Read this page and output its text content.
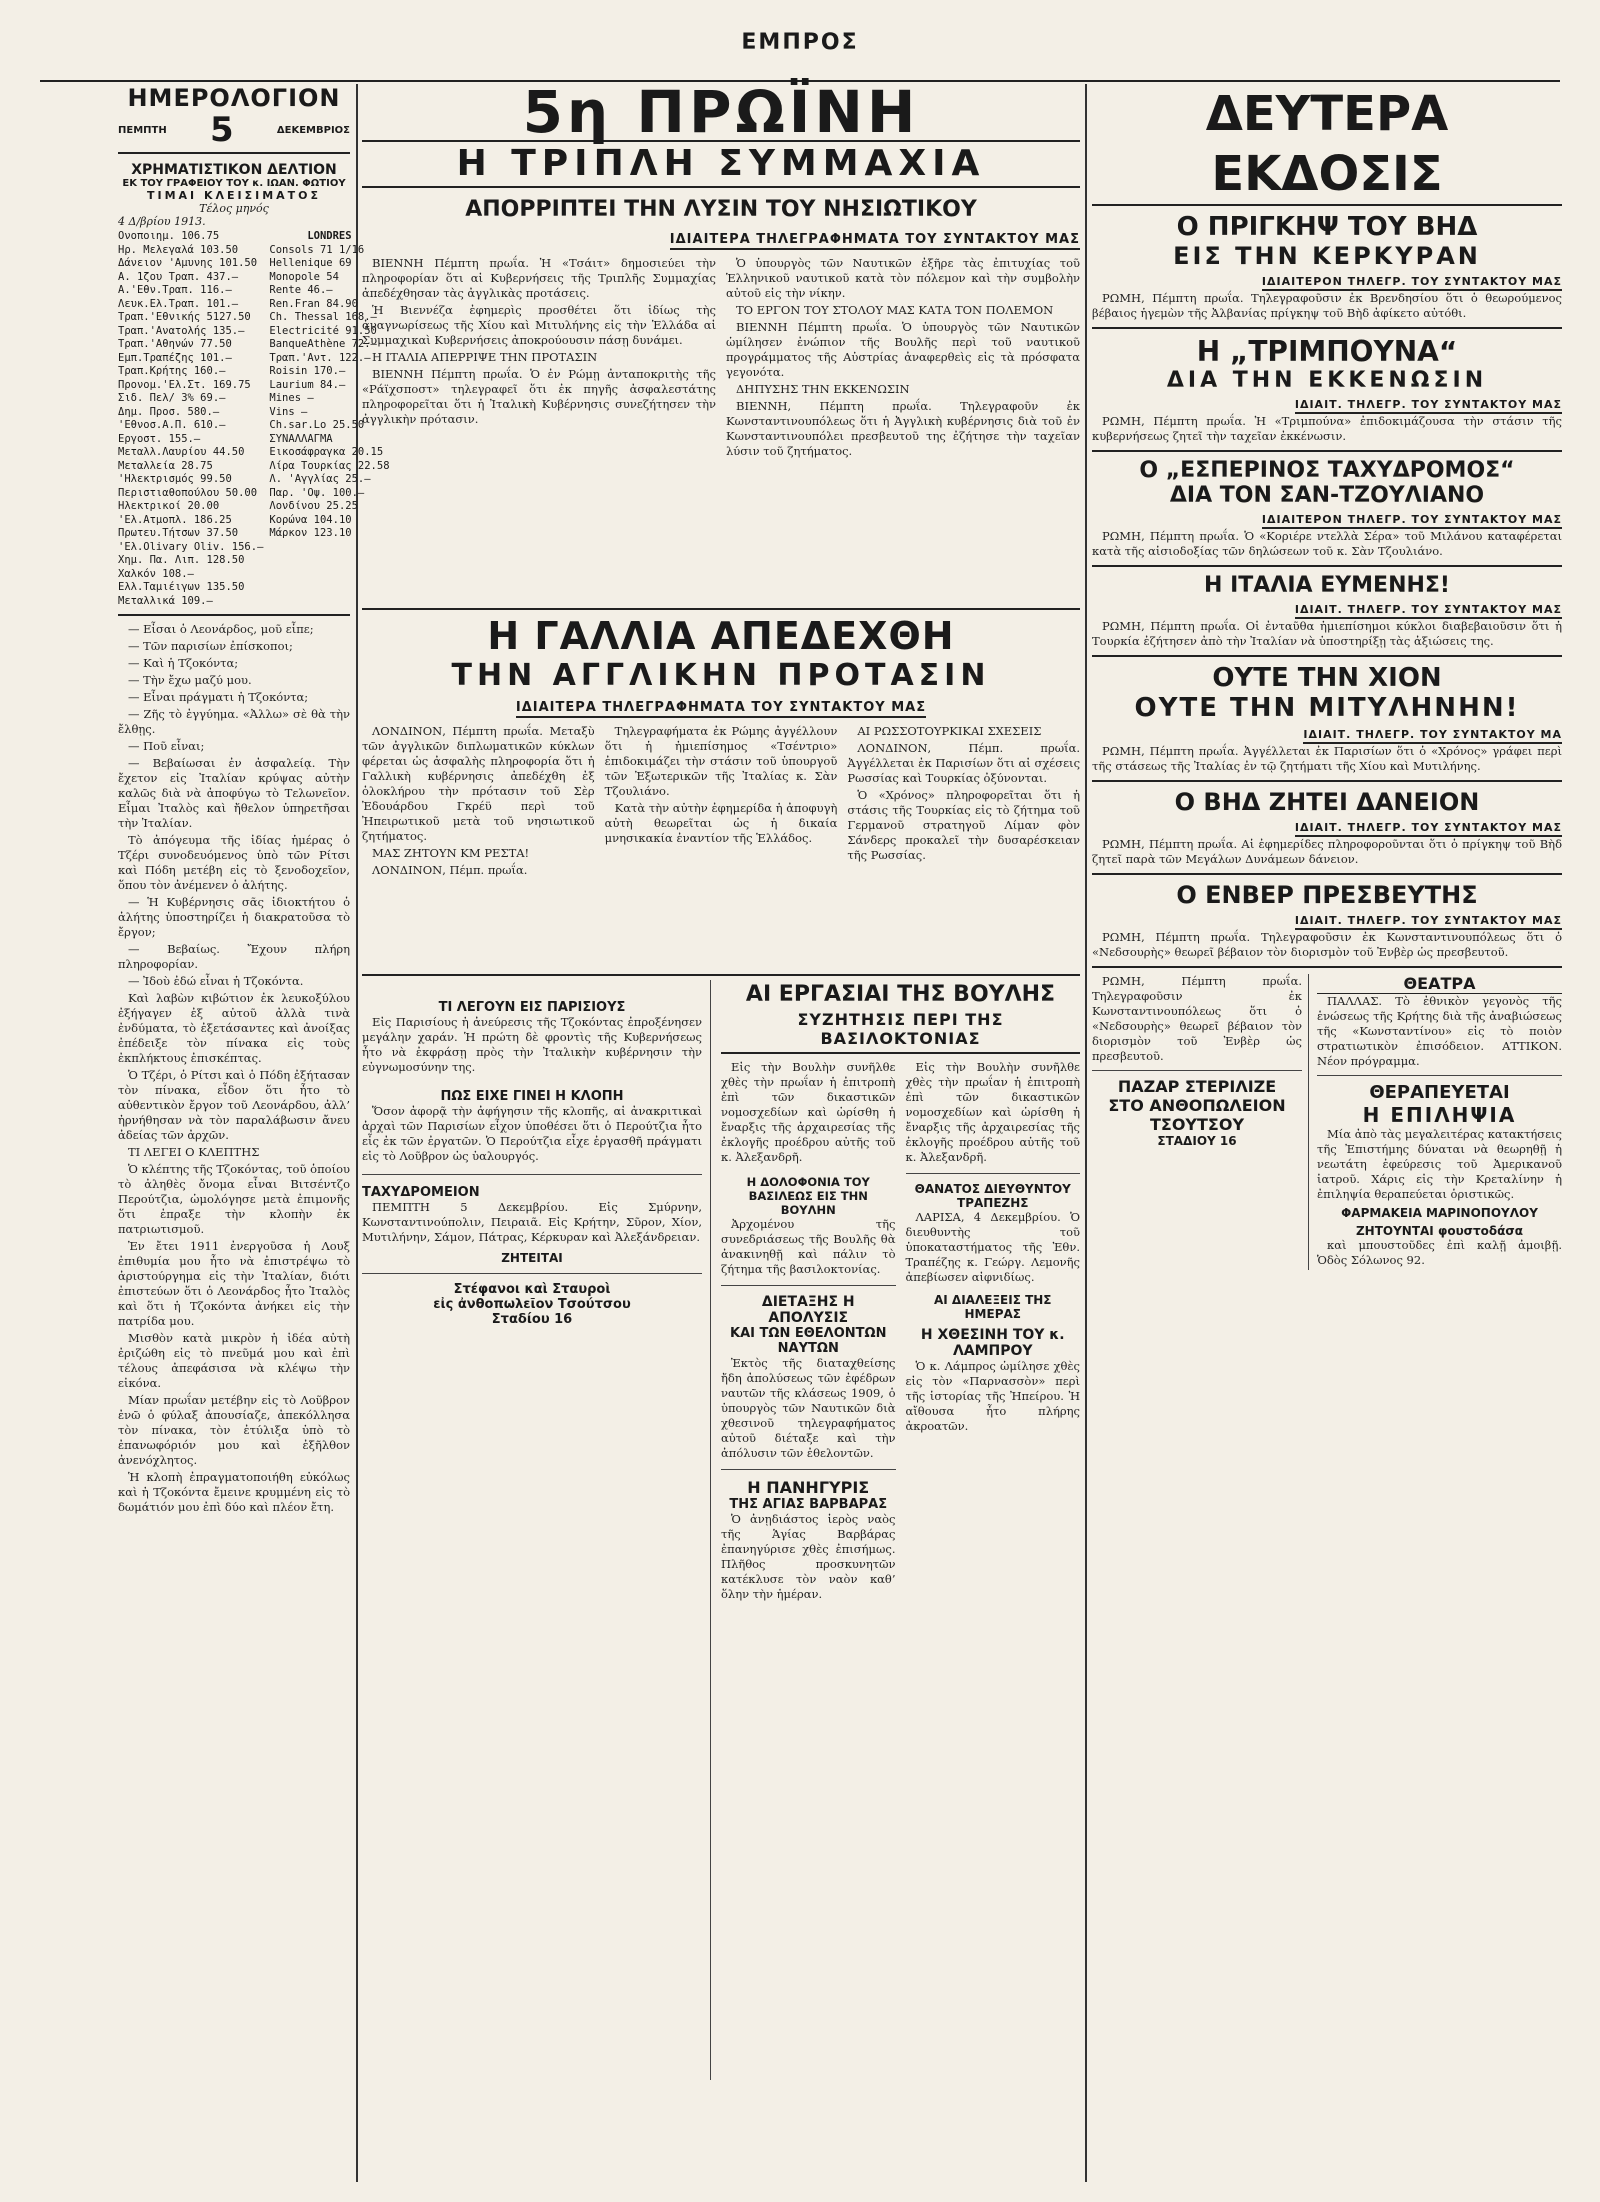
ΕΜΠΡΟΣ
ΗΜΕΡΟΛΟΓΙΟΝ
ΠΕΜΠΤΗ 5	ΔΕΚΕΜΒΡΙΟΣ
ΧΡΗΜΑΤΙΣΤΙΚΟΝ ΔΕΛΤΙΟΝ
ΕΚ ΤΟΥ ΓΡΑΦΕΙΟΥ ΤΟΥ κ. ΙΩΑΝ. ΦΩΤΙΟΥ
ΤΙΜΑΙ ΚΛΕΙΣΙΜΑΤΟΣ
Τέλος μηνός
4 Δ/βρίου 1913.
Ονοποιημ. 106.75
Ηρ. Μελεγαλά 103.50
Δάνειον 'Αμυνης 101.50
Α. 1ζου Τραπ. 437.—
Α.'Εθν.Τραπ. 116.—
Λευκ.Ελ.Τραπ. 101.—
Τραπ.'Εθνικής 5127.50
Τραπ.'Ανατολής 135.—
Τραπ.'Αθηνών 77.50
Εμπ.Τραπέζης 101.—
Τραπ.Κρήτης 160.—
Προνομ.'Ελ.Στ. 169.75
Σιδ. Πελ/ 3% 69.—
Δημ. Προσ. 580.—
'Εθνοσ.Α.Π. 610.—
Εργοστ. 155.—
Μεταλλ.Λαυρίου 44.50
Μεταλλεία 28.75
'Ηλεκτρισμός 99.50
Περιστιαθοπούλου 50.00
Ηλεκτρικοί 20.00
'Ελ.Ατμοπλ. 186.25
Πρωτευ.Τήτσων 37.50
'Ελ.Olivary Oliv. 156.—
Χημ. Πα. Λιπ. 128.50
Χαλκόν 108.—
Ελλ.Ταμιέιγων 135.50
Μεταλλικά 109.—
LONDRES
Consols 71 1/16
Hellenique 69
Monopole 54
Rente 46.—
Ren.Fran 84.90
Ch. Thessal 168.—
Electricité 91.50
BanqueAthène 72.—
Τραπ.'Αντ. 122.—
Roisin 170.—
Laurium 84.—
Mines —
Vins —
Ch.sar.Lo 25.50
ΣΥΝΑΛΛΑΓΜΑ
Εικοσάφραγκα 20.15
Λίρα Τουρκίας 22.58
Λ. 'Αγγλίας 25.—
Παρ. 'Οψ. 100.—
Λονδίνου 25.25
Κορώνα 104.10
Μάρκον 123.10

— Εἶσαι ὁ Λεονάρδος, μοῦ εἶπε;

— Τῶν παρισίων ἐπίσκοποι;

— Καὶ ἡ Τζοκόντα;

— Τὴν ἔχω μαζύ μου.

— Εἶναι πράγματι ἡ Τζοκόντα;

— Ζῆς τὸ ἐγγύημα. «Ἀλλω» σὲ θὰ τὴν ἔλθῃς.

— Ποῦ εἶναι;

— Βεβαίωσαι ἐν ἀσφαλείᾳ. Τὴν ἔχετον εἰς Ἰταλίαν κρύψας αὐτὴν καλῶς διὰ νὰ ἀποφύγω τὸ Τελωνεῖον. Εἶμαι Ἰταλὸς καὶ ἤθελον ὑπηρετῆσαι τὴν Ἰταλίαν.

Τὸ ἀπόγευμα τῆς ἰδίας ἡμέρας ὁ Τζέρι συνοδευόμενος ὑπὸ τῶν Ρίτσι καὶ Πόδη μετέβη εἰς τὸ ξενοδοχεῖον, ὅπου τὸν ἀνέμενεν ὁ ἀλήτης.

— Ἡ Κυβέρνησις σᾶς ἰδιοκτήτου ὁ ἀλήτης ὑποστηρίζει ἡ διακρατοῦσα τὸ ἔργον;

— Βεβαίως. Ἔχουν πλήρη πληροφορίαν.

— Ἰδοὺ ἐδώ εἶναι ἡ Τζοκόντα.

Καὶ λαβὼν κιβώτιον ἐκ λευκοξύλου ἐξήγαγεν ἐξ αὐτοῦ ἀλλὰ τινὰ ἐνδύματα, τὸ ἐξετάσαντες καὶ ἀνοίξας ἐπέδειξε τὸν πίνακα εἰς τοὺς ἐκπλήκτους ἐπισκέπτας.

Ὁ Τζέρι, ὁ Ρίτσι καὶ ὁ Πόδη ἐξήτασαν τὸν πίνακα, εἶδον ὅτι ἦτο τὸ αὐθεντικὸν ἔργον τοῦ Λεονάρδου, ἀλλ’ ἠρνήθησαν νὰ τὸν παραλάβωσιν ἄνευ ἀδείας τῶν ἀρχῶν.

ΤΙ ΛΕΓΕΙ Ο ΚΛΕΠΤΗΣ

Ὁ κλέπτης τῆς Τζοκόντας, τοῦ ὁποίου τὸ ἀληθὲς ὄνομα εἶναι Βιτσέντζο Περούτζια, ὡμολόγησε μετὰ ἐπιμονῆς ὅτι ἐπραξε τὴν κλοπὴν ἐκ πατριωτισμοῦ.

Ἐν ἔτει 1911 ἐνεργοῦσα ἡ Λουξ ἐπιθυμία μου ἦτο νὰ ἐπιστρέψω τὸ ἀριστούργημα εἰς τὴν Ἰταλίαν, διότι ἐπιστεύων ὅτι ὁ Λεονάρδος ἦτο Ἰταλὸς καὶ ὅτι ἡ Τζοκόντα ἀνήκει εἰς τὴν πατρίδα μου.

Μισθὸν κατὰ μικρὸν ἡ ἰδέα αὐτὴ ἐριζώθη εἰς τὸ πνεῦμά μου καὶ ἐπὶ τέλους ἀπεφάσισα νὰ κλέψω τὴν εἰκόνα.

Μίαν πρωΐαν μετέβην εἰς τὸ Λοῦβρον ἐνῶ ὁ φύλαξ ἀπουσίαζε, ἀπεκόλλησα τὸν πίνακα, τὸν ἐτύλιξα ὑπὸ τὸ ἐπανωφόριόν μου καὶ ἐξῆλθον ἀνενόχλητος.

Ἡ κλοπὴ ἐπραγματοποιήθη εὐκόλως καὶ ἡ Τζοκόντα ἔμεινε κρυμμένη εἰς τὸ δωμάτιόν μου ἐπὶ δύο καὶ πλέον ἔτη.

5η ΠΡΩΪΝΗ
Η ΤΡΙΠΛΗ ΣΥΜΜΑΧΙΑ
ΑΠΟΡΡΙΠΤΕΙ ΤΗΝ ΛΥΣΙΝ ΤΟΥ ΝΗΣΙΩΤΙΚΟΥ
ΙΔΙΑΙΤΕΡΑ ΤΗΛΕΓΡΑΦΗΜΑΤΑ ΤΟΥ ΣΥΝΤΑΚΤΟΥ ΜΑΣ

ΒΙΕΝΝΗ Πέμπτη πρωΐα. Ἡ «Τσάιτ» δημοσιεύει τὴν πληροφορίαν ὅτι αἱ Κυβερνήσεις τῆς Τριπλῆς Συμμαχίας ἀπεδέχθησαν τὰς ἀγγλικὰς προτάσεις.

Ἡ Βιεννέζα ἐφημερὶς προσθέτει ὅτι ἰδίως τὴς ἀναγνωρίσεως τῆς Χίου καὶ Μιτυλήνης εἰς τὴν Ἑλλάδα αἱ Συμμαχικαὶ Κυβερνήσεις ἀποκρούουσιν πάσῃ δυνάμει.

Η ΙΤΑΛΙΑ ΑΠΕΡΡΙΨΕ ΤΗΝ ΠΡΟΤΑΣΙΝ

ΒΙΕΝΝΗ Πέμπτη πρωΐα. Ὁ ἐν Ρώμῃ ἀνταποκριτὴς τῆς «Ράϊχσποστ» τηλεγραφεῖ ὅτι ἐκ πηγῆς ἀσφαλεστάτης πληροφορεῖται ὅτι ἡ Ἰταλικὴ Κυβέρνησις συνεζήτησεν τὴν ἀγγλικὴν πρότασιν.

Ὁ ὑπουργὸς τῶν Ναυτικῶν ἐξῆρε τὰς ἐπιτυχίας τοῦ Ἑλληνικοῦ ναυτικοῦ κατὰ τὸν πόλεμον καὶ τὴν συμβολὴν αὐτοῦ εἰς τὴν νίκην.

ΤΟ ΕΡΓΟΝ ΤΟΥ ΣΤΟΛΟΥ ΜΑΣ ΚΑΤΑ ΤΟΝ ΠΟΛΕΜΟΝ

ΒΙΕΝΝΗ Πέμπτη πρωΐα. Ὁ ὑπουργὸς τῶν Ναυτικῶν ὡμίλησεν ἐνώπιον τῆς Βουλῆς περὶ τοῦ ναυτικοῦ προγράμματος τῆς Αὐστρίας ἀναφερθεὶς εἰς τὰ πρόσφατα γεγονότα.

ΔΗΠΥΣΗΣ ΤΗΝ ΕΚΚΕΝΩΣΙΝ

ΒΙΕΝΝΗ, Πέμπτη πρωΐα. Τηλεγραφοῦν ἐκ Κωνσταντινουπόλεως ὅτι ἡ Ἀγγλικὴ κυβέρνησις διὰ τοῦ ἐν Κωνσταντινουπόλει πρεσβευτοῦ της ἐζήτησε τὴν ταχεῖαν λύσιν τοῦ ζητήματος.

Η ΓΑΛΛΙΑ ΑΠΕΔΕΧΘΗ
ΤΗΝ ΑΓΓΛΙΚΗΝ ΠΡΟΤΑΣΙΝ
ΙΔΙΑΙΤΕΡΑ ΤΗΛΕΓΡΑΦΗΜΑΤΑ ΤΟΥ ΣΥΝΤΑΚΤΟΥ ΜΑΣ

ΛΟΝΔΙΝΟΝ, Πέμπτη πρωΐα. Μεταξὺ τῶν ἀγγλικῶν διπλωματικῶν κύκλων φέρεται ὡς ἀσφαλὴς πληροφορία ὅτι ἡ Γαλλικὴ κυβέρνησις ἀπεδέχθη ἐξ ὁλοκλήρου τὴν πρότασιν τοῦ Σὲρ Ἐδουάρδου Γκρέϋ περὶ τοῦ Ἠπειρωτικοῦ μετὰ τοῦ νησιωτικοῦ ζητήματος.

ΜΑΣ ΖΗΤΟΥΝ ΚΜ ΡΕΣΤΑ!

ΛΟΝΔΙΝΟΝ, Πέμπ. πρωΐα.

Τηλεγραφήματα ἐκ Ρώμης ἀγγέλλουν ὅτι ἡ ἡμιεπίσημος «Τσέντριο» ἐπιδοκιμάζει τὴν στάσιν τοῦ ὑπουργοῦ τῶν Ἐξωτερικῶν τῆς Ἰταλίας κ. Σὰν Τζουλιάνο.

Κατὰ τὴν αὐτὴν ἐφημερίδα ἡ ἀποφυγὴ αὐτὴ θεωρεῖται ὡς ἡ δικαία μνησικακία ἐναντίον τῆς Ἑλλάδος.

ΑΙ ΡΩΣΣΟΤΟΥΡΚΙΚΑΙ ΣΧΕΣΕΙΣ

ΛΟΝΔΙΝΟΝ, Πέμπ. πρωΐα. Ἀγγέλλεται ἐκ Παρισίων ὅτι αἱ σχέσεις Ρωσσίας καὶ Τουρκίας ὀξύνονται.

Ὁ «Χρόνος» πληροφορεῖται ὅτι ἡ στάσις τῆς Τουρκίας εἰς τὸ ζήτημα τοῦ Γερμανοῦ στρατηγοῦ Λίμαν φὸν Σάνδερς προκαλεῖ τὴν δυσαρέσκειαν τῆς Ρωσσίας.

ΤΙ ΛΕΓΟΥΝ ΕΙΣ ΠΑΡΙΣΙΟΥΣ

Εἰς Παρισίους ἡ ἀνεύρεσις τῆς Τζοκόντας ἐπροξένησεν μεγάλην χαράν. Ἡ πρώτη δὲ φροντὶς τῆς Κυβερνήσεως ἦτο νὰ ἐκφράσῃ πρὸς τὴν Ἰταλικὴν κυβέρνησιν τὴν εὐγνωμοσύνην της.

ΠΩΣ ΕΙΧΕ ΓΙΝΕΙ Η ΚΛΟΠΗ

Ὅσον ἀφορᾷ τὴν ἀφήγησιν τῆς κλοπῆς, αἱ ἀνακριτικαὶ ἀρχαὶ τῶν Παρισίων εἶχον ὑποθέσει ὅτι ὁ Περούτζια ἦτο εἷς ἐκ τῶν ἐργατῶν. Ὁ Περούτζια εἶχε ἐργασθῆ πράγματι εἰς τὸ Λοῦβρον ὡς ὑαλουργός.

ΤΑΧΥΔΡΟΜΕΙΟΝ

ΠΕΜΠΤΗ 5 Δεκεμβρίου. Εἰς Σμύρνην, Κωνσταντινούπολιν, Πειραιᾶ. Εἰς Κρήτην, Σῦρον, Χίον, Μυτιλήνην, Σάμον, Πάτρας, Κέρκυραν καὶ Ἀλεξάνδρειαν.

ΖΗΤΕΙΤΑΙ
Στέφανοι καὶ Σταυροὶ
εἰς ἀνθοπωλεῖον Τσούτσου
Σταδίου 16
ΑΙ ΕΡΓΑΣΙΑΙ ΤΗΣ ΒΟΥΛΗΣ
ΣΥΖΗΤΗΣΙΣ ΠΕΡΙ ΤΗΣ ΒΑΣΙΛΟΚΤΟΝΙΑΣ

Εἰς τὴν Βουλὴν συνῆλθε χθὲς τὴν πρωΐαν ἡ ἐπιτροπὴ ἐπὶ τῶν δικαστικῶν νομοσχεδίων καὶ ὡρίσθη ἡ ἔναρξις τῆς ἀρχαιρεσίας τῆς ἐκλογῆς προέδρου αὐτῆς τοῦ κ. Ἀλεξανδρῆ.

Η ΔΟΛΟΦΟΝΙΑ ΤΟΥ ΒΑΣΙΛΕΩΣ ΕΙΣ ΤΗΝ ΒΟΥΛΗΝ

Ἀρχομένου τῆς συνεδριάσεως τῆς Βουλῆς θὰ ἀνακινηθῇ καὶ πάλιν τὸ ζήτημα τῆς βασιλοκτονίας.

ΔΙΕΤΑΞΗΣ Η ΑΠΟΛΥΣΙΣ
ΚΑΙ ΤΩΝ ΕΘΕΛΟΝΤΩΝ ΝΑΥΤΩΝ

Ἐκτὸς τῆς διαταχθείσης ἤδη ἀπολύσεως τῶν ἐφέδρων ναυτῶν τῆς κλάσεως 1909, ὁ ὑπουργὸς τῶν Ναυτικῶν διὰ χθεσινοῦ τηλεγραφήματος αὐτοῦ διέταξε καὶ τὴν ἀπόλυσιν τῶν ἐθελοντῶν.

Η ΠΑΝΗΓΥΡΙΣ
ΤΗΣ ΑΓΙΑΣ ΒΑΡΒΑΡΑΣ

Ὁ ἀνῃδιάστος ἱερὸς ναὸς τῆς Ἁγίας Βαρβάρας ἐπανηγύρισε χθὲς ἐπισήμως. Πλῆθος προσκυνητῶν κατέκλυσε τὸν ναὸν καθ’ ὅλην τὴν ἡμέραν.

Εἰς τὴν Βουλὴν συνῆλθε χθὲς τὴν πρωΐαν ἡ ἐπιτροπὴ ἐπὶ τῶν δικαστικῶν νομοσχεδίων καὶ ὡρίσθη ἡ ἔναρξις τῆς ἀρχαιρεσίας τῆς ἐκλογῆς προέδρου αὐτῆς τοῦ κ. Ἀλεξανδρῆ.

ΘΑΝΑΤΟΣ ΔΙΕΥΘΥΝΤΟΥ ΤΡΑΠΕΖΗΣ

ΛΑΡΙΣΑ, 4 Δεκεμβρίου. Ὁ διευθυντὴς τοῦ ὑποκαταστήματος τῆς Ἐθν. Τραπέζης κ. Γεώργ. Λεμονῆς ἀπεβίωσεν αἰφνιδίως.

ΑΙ ΔΙΑΛΕΞΕΙΣ ΤΗΣ ΗΜΕΡΑΣ
Η ΧΘΕΣΙΝΗ ΤΟΥ κ. ΛΑΜΠΡΟΥ

Ὁ κ. Λάμπρος ὡμίλησε χθὲς εἰς τὸν «Παρνασσὸν» περὶ τῆς ἱστορίας τῆς Ἠπείρου. Ἡ αἴθουσα ἦτο πλήρης ἀκροατῶν.

ΔΕΥΤΕΡΑ ΕΚΔΟΣΙΣ
Ο ΠΡΙΓΚΗΨ ΤΟΥ ΒΗΔ
ΕΙΣ ΤΗΝ ΚΕΡΚΥΡΑΝ
ΙΔΙΑΙΤΕΡΟΝ ΤΗΛΕΓΡ. ΤΟΥ ΣΥΝΤΑΚΤΟΥ ΜΑΣ

ΡΩΜΗ, Πέμπτη πρωΐα. Τηλεγραφοῦσιν ἐκ Βρενδησίου ὅτι ὁ θεωρούμενος βέβαιος ἡγεμὼν τῆς Ἀλβανίας πρίγκηψ τοῦ Βὴδ ἀφίκετο αὐτόθι.

Η „ΤΡΙΜΠΟΥΝΑ“
ΔΙΑ ΤΗΝ ΕΚΚΕΝΩΣΙΝ
ΙΔΙΑΙΤ. ΤΗΛΕΓΡ. ΤΟΥ ΣΥΝΤΑΚΤΟΥ ΜΑΣ

ΡΩΜΗ, Πέμπτη πρωΐα. Ἡ «Τριμπούνα» ἐπιδοκιμάζουσα τὴν στάσιν τῆς κυβερνήσεως ζητεῖ τὴν ταχεῖαν ἐκκένωσιν.

Ο „ΕΣΠΕΡΙΝΟΣ ΤΑΧΥΔΡΟΜΟΣ“
ΔΙΑ ΤΟΝ ΣΑΝ-ΤΖΟΥΛΙΑΝΟ
ΙΔΙΑΙΤΕΡΟΝ ΤΗΛΕΓΡ. ΤΟΥ ΣΥΝΤΑΚΤΟΥ ΜΑΣ

ΡΩΜΗ, Πέμπτη πρωΐα. Ὁ «Κοριέρε ντελλὰ Σέρα» τοῦ Μιλάνου καταφέρεται κατὰ τῆς αἰσιοδοξίας τῶν δηλώσεων τοῦ κ. Σὰν Τζουλιάνο.

Η ΙΤΑΛΙΑ ΕΥΜΕΝΗΣ!
ΙΔΙΑΙΤ. ΤΗΛΕΓΡ. ΤΟΥ ΣΥΝΤΑΚΤΟΥ ΜΑΣ

ΡΩΜΗ, Πέμπτη πρωΐα. Οἱ ἐνταῦθα ἡμιεπίσημοι κύκλοι διαβεβαιοῦσιν ὅτι ἡ Τουρκία ἐζήτησεν ἀπὸ τὴν Ἰταλίαν νὰ ὑποστηρίξῃ τὰς ἀξιώσεις της.

ΟΥΤΕ ΤΗΝ ΧΙΟΝ
ΟΥΤΕ ΤΗΝ ΜΙΤΥΛΗΝΗΝ!
ΙΔΙΑΙΤ. ΤΗΛΕΓΡ. ΤΟΥ ΣΥΝΤΑΚΤΟΥ ΜΑ

ΡΩΜΗ, Πέμπτη πρωΐα. Ἀγγέλλεται ἐκ Παρισίων ὅτι ὁ «Χρόνος» γράφει περὶ τῆς στάσεως τῆς Ἰταλίας ἐν τῷ ζητήματι τῆς Χίου καὶ Μυτιλήνης.

Ο ΒΗΔ ΖΗΤΕΙ ΔΑΝΕΙΟΝ
ΙΔΙΑΙΤ. ΤΗΛΕΓΡ. ΤΟΥ ΣΥΝΤΑΚΤΟΥ ΜΑΣ

ΡΩΜΗ, Πέμπτη πρωΐα. Αἱ ἐφημερίδες πληροφοροῦνται ὅτι ὁ πρίγκηψ τοῦ Βὴδ ζητεῖ παρὰ τῶν Μεγάλων Δυνάμεων δάνειον.

Ο ΕΝΒΕΡ ΠΡΕΣΒΕΥΤΗΣ
ΙΔΙΑΙΤ. ΤΗΛΕΓΡ. ΤΟΥ ΣΥΝΤΑΚΤΟΥ ΜΑΣ

ΡΩΜΗ, Πέμπτη πρωΐα. Τηλεγραφοῦσιν ἐκ Κωνσταντινουπόλεως ὅτι ὁ «Νεδσουρὴς» θεωρεῖ βέβαιον τὸν διορισμὸν τοῦ Ἐνβὲρ ὡς πρεσβευτοῦ.

ΡΩΜΗ, Πέμπτη πρωΐα. Τηλεγραφοῦσιν ἐκ Κωνσταντινουπόλεως ὅτι ὁ «Νεδσουρὴς» θεωρεῖ βέβαιον τὸν διορισμὸν τοῦ Ἐνβὲρ ὡς πρεσβευτοῦ.

ΠΑΖΑΡ ΣΤΕΡΙΛΙΖΕ
ΣΤΟ ΑΝΘΟΠΩΛΕΙΟΝ
ΤΣΟΥΤΣΟΥ
ΣΤΑΔΙΟΥ 16
ΘΕΑΤΡΑ

ΠΑΛΛΑΣ. Τὸ ἐθνικὸν γεγονὸς τῆς ἑνώσεως τῆς Κρήτης διὰ τῆς ἀναβιώσεως τῆς «Κωνσταντίνου» εἰς τὸ ποιὸν στρατιωτικὸν ἐπισόδειον. ΑΤΤΙΚΟΝ. Νέον πρόγραμμα.

ΘΕΡΑΠΕΥΕΤΑΙ
Η ΕΠΙΛΗΨΙΑ

Μία ἀπὸ τὰς μεγαλειτέρας κατακτήσεις τῆς Ἐπιστήμης δύναται νὰ θεωρηθῇ ἡ νεωτάτη ἐφεύρεσις τοῦ Ἀμερικανοῦ ἰατροῦ. Χάρις εἰς τὴν Κρεταλίνην ἡ ἐπιληψία θεραπεύεται ὁριστικῶς.

ΦΑΡΜΑΚΕΙΑ ΜΑΡΙΝΟΠΟΥΛΟΥ
ΖΗΤΟΥΝΤΑΙ φουστοδάσα

καὶ μπουστοῦδες ἐπὶ καλῇ ἀμοιβῇ. Ὁδὸς Σόλωνος 92.
